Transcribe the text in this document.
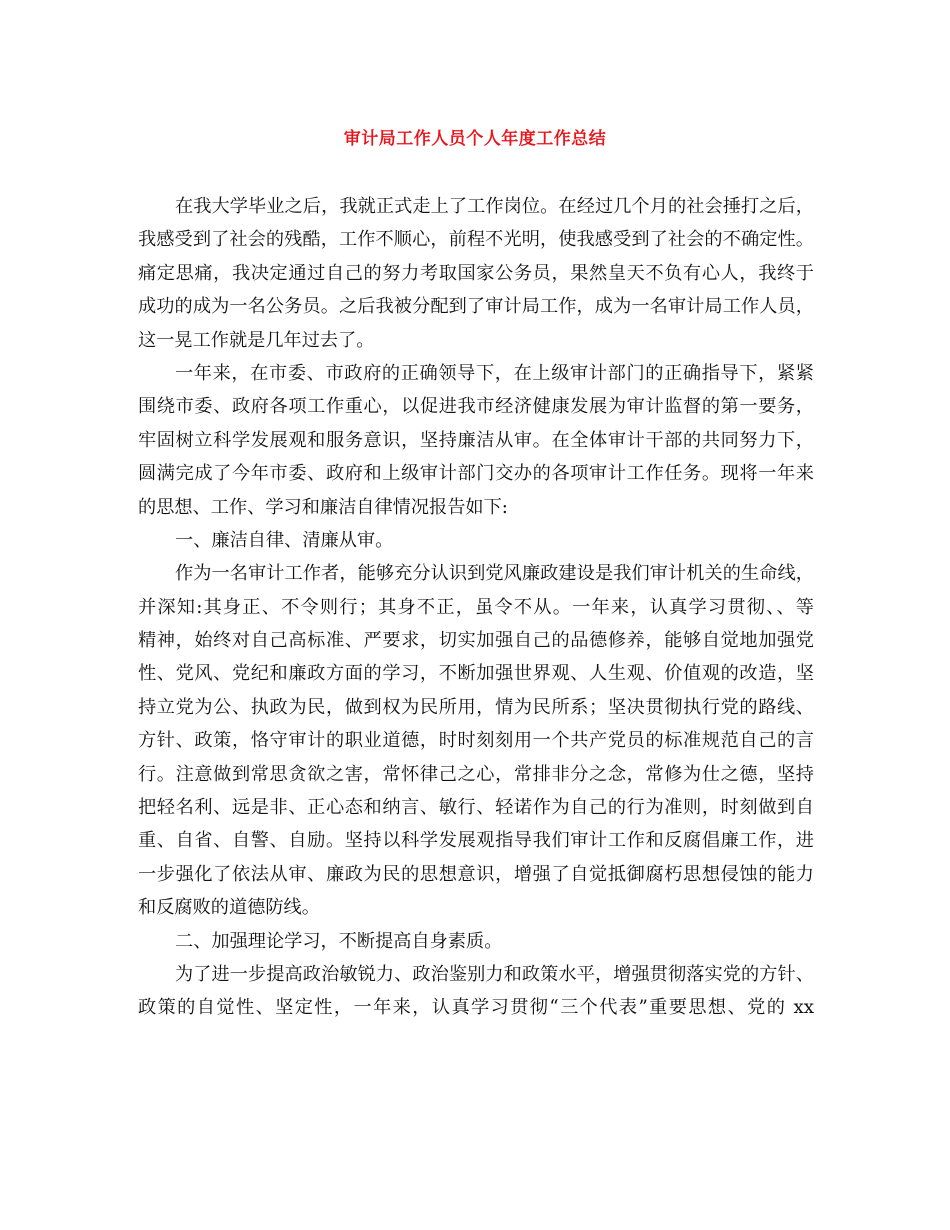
审计局工作人员个人年度工作总结
在我大学毕业之后，我就正式走上了工作岗位。在经过几个月的社会捶打之后，
我感受到了社会的残酷，工作不顺心，前程不光明，使我感受到了社会的不确定性。
痛定思痛，我决定通过自己的努力考取国家公务员，果然皇天不负有心人，我终于
成功的成为一名公务员。之后我被分配到了审计局工作，成为一名审计局工作人员，
这一晃工作就是几年过去了。
一年来，在市委、市政府的正确领导下，在上级审计部门的正确指导下，紧紧
围绕市委、政府各项工作重心，以促进我市经济健康发展为审计监督的第一要务，
牢固树立科学发展观和服务意识，坚持廉洁从审。在全体审计干部的共同努力下，
圆满完成了今年市委、政府和上级审计部门交办的各项审计工作任务。现将一年来
的思想、工作、学习和廉洁自律情况报告如下:
一、廉洁自律、清廉从审。
作为一名审计工作者，能够充分认识到党风廉政建设是我们审计机关的生命线，
并深知:其身正、不令则行；其身不正，虽令不从。一年来，认真学习贯彻、、等
精神，始终对自己高标准、严要求，切实加强自己的品德修养，能够自觉地加强党
性、党风、党纪和廉政方面的学习，不断加强世界观、人生观、价值观的改造，坚
持立党为公、执政为民，做到权为民所用，情为民所系；坚决贯彻执行党的路线、
方针、政策，恪守审计的职业道德，时时刻刻用一个共产党员的标准规范自己的言
行。注意做到常思贪欲之害，常怀律己之心，常排非分之念，常修为仕之德，坚持
把轻名利、远是非、正心态和纳言、敏行、轻诺作为自己的行为准则，时刻做到自
重、自省、自警、自励。坚持以科学发展观指导我们审计工作和反腐倡廉工作，进
一步强化了依法从审、廉政为民的思想意识，增强了自觉抵御腐朽思想侵蚀的能力
和反腐败的道德防线。
二、加强理论学习，不断提高自身素质。
为了进一步提高政治敏锐力、政治鉴别力和政策水平，增强贯彻落实党的方针、
政策的自觉性、坚定性，一年来，认真学习贯彻“三个代表”重要思想、党的 xx
